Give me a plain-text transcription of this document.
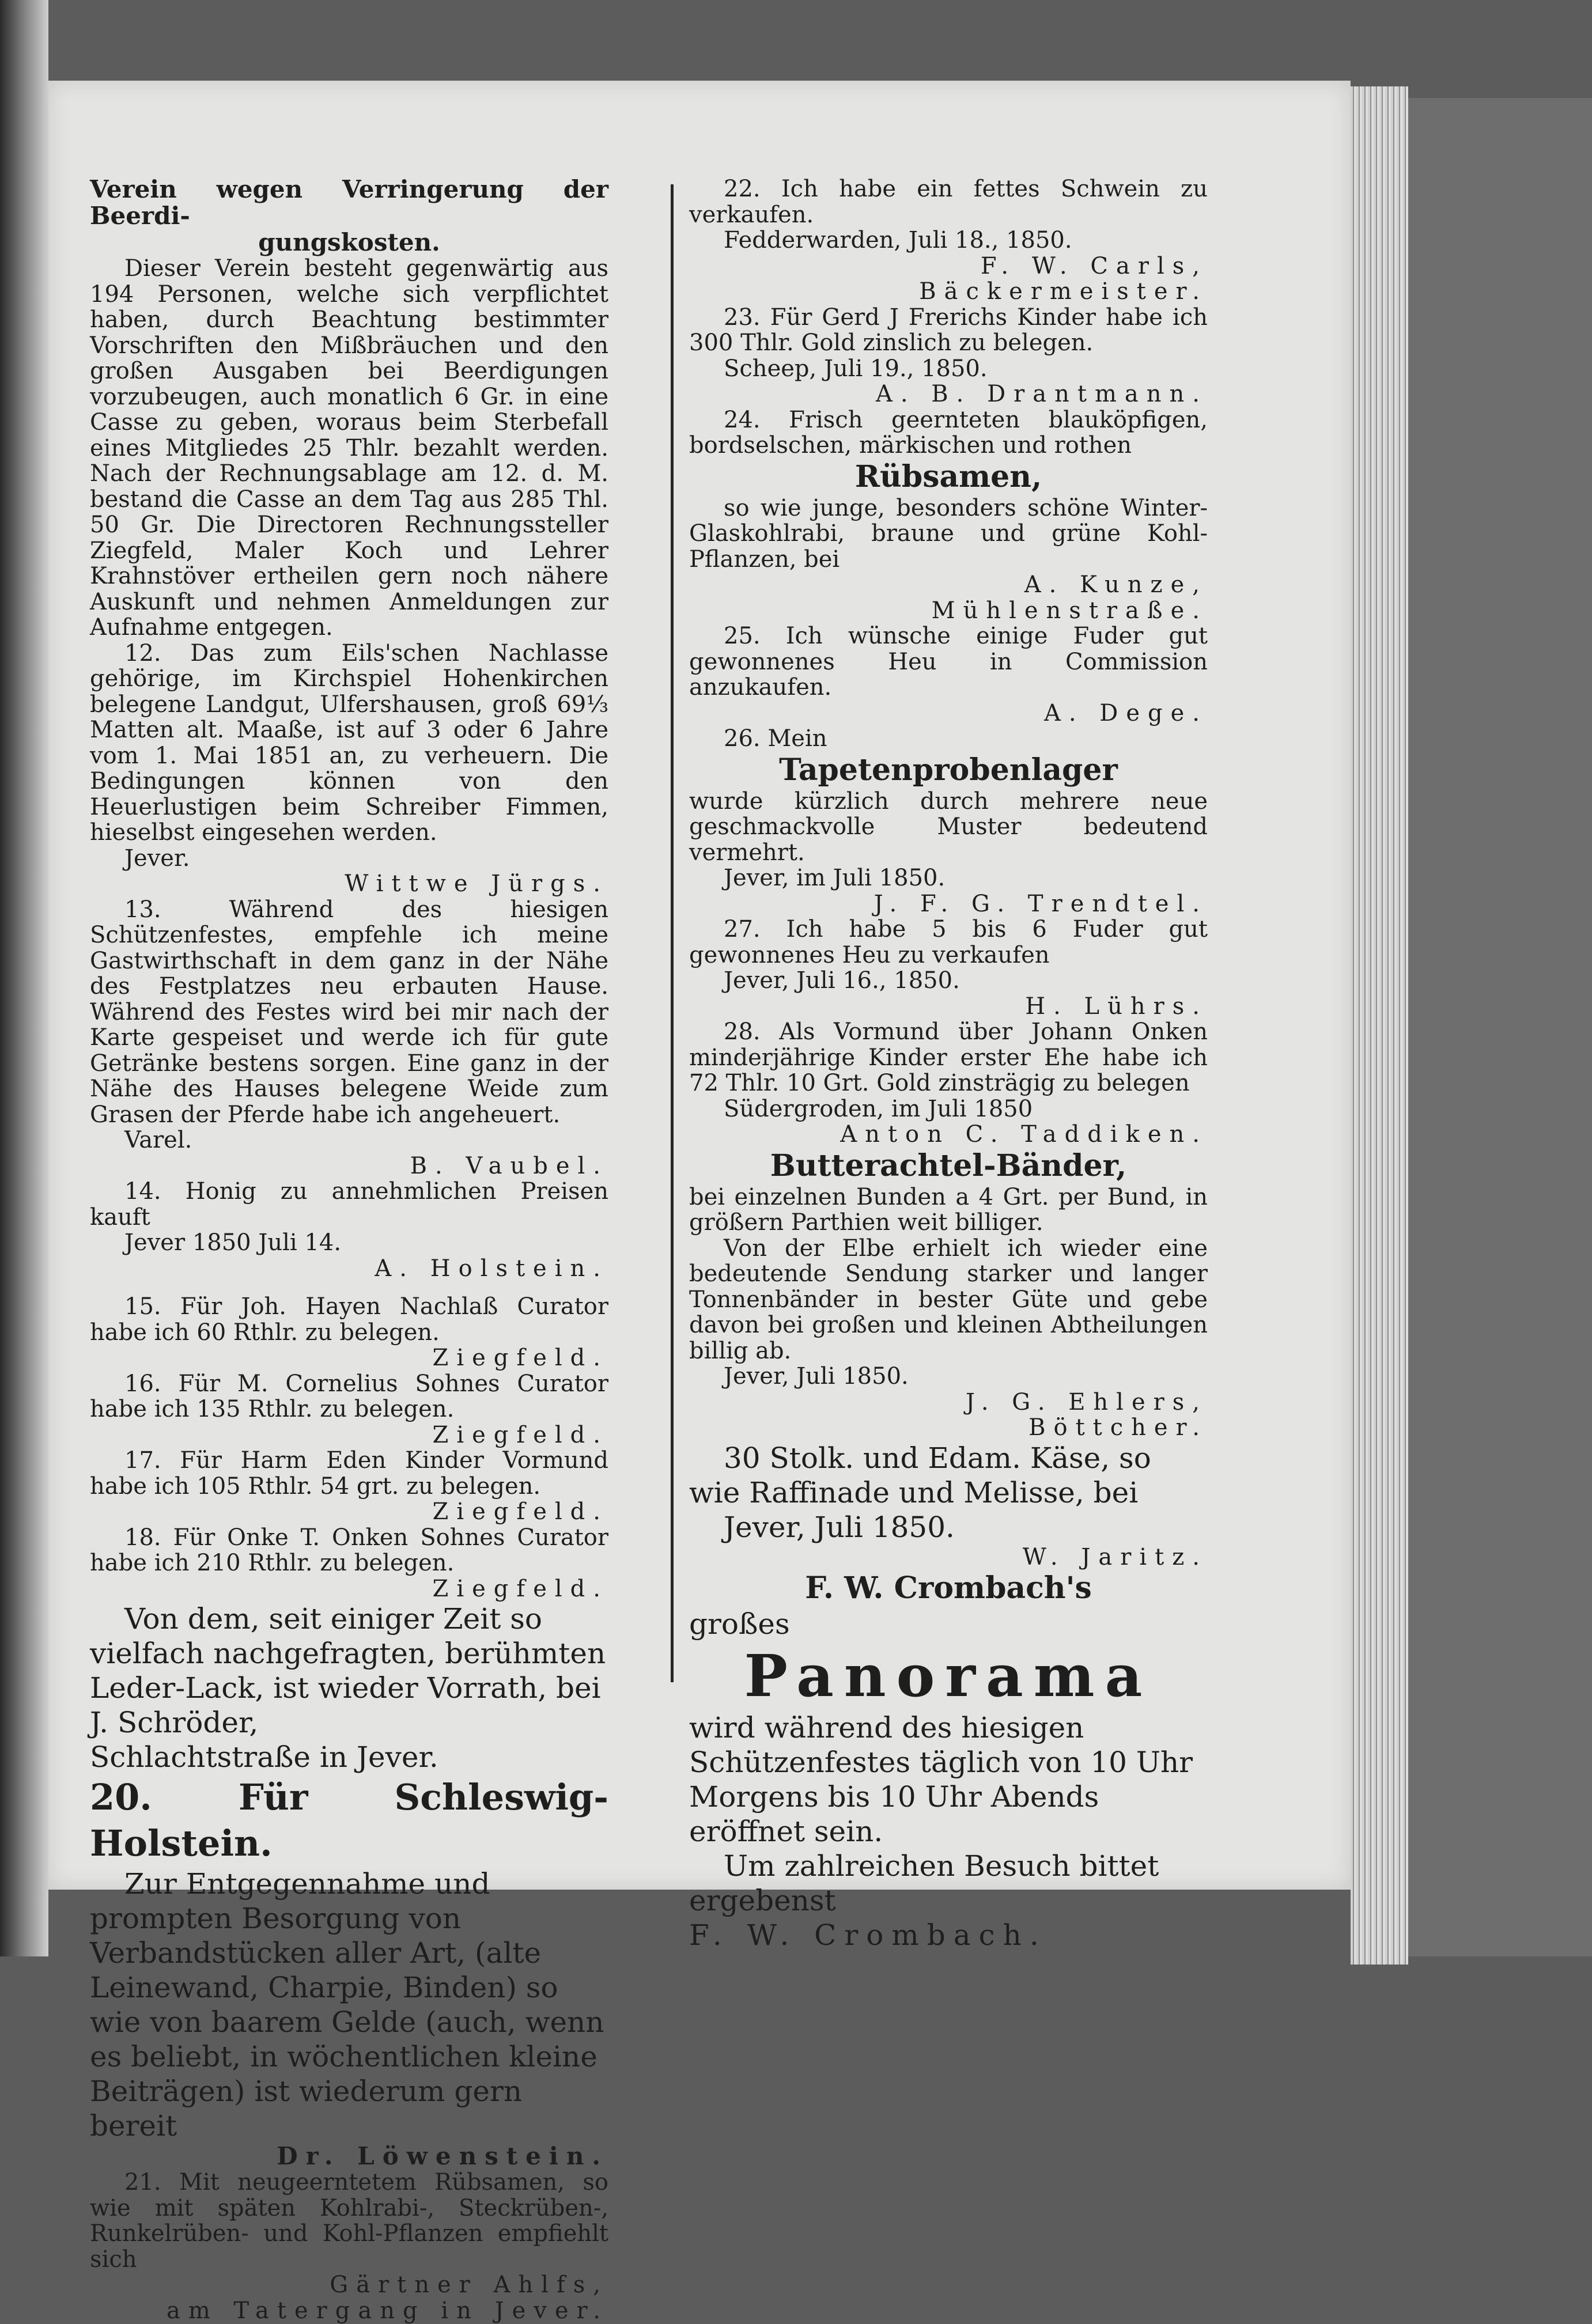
Verein wegen Verringerung der Beerdi-
gungskosten.
Dieser Verein besteht gegenwärtig aus 194 Personen, welche sich verpflichtet haben, durch Beachtung bestimmter Vorschriften den Mißbräuchen und den großen Ausgaben bei Beerdigungen vorzubeugen, auch monatlich 6 Gr. in eine Casse zu geben, woraus beim Sterbefall eines Mitgliedes 25 Thlr. bezahlt werden. Nach der Rechnungsablage am 12. d. M. bestand die Casse an dem Tag aus 285 Thl. 50 Gr. Die Directoren Rechnungssteller Ziegfeld, Maler Koch und Lehrer Krahnstöver ertheilen gern noch nähere Auskunft und nehmen Anmeldungen zur Aufnahme entgegen.
12. Das zum Eils'schen Nachlasse gehörige, im Kirchspiel Hohenkirchen belegene Landgut, Ulfershausen, groß 69⅓ Matten alt. Maaße, ist auf 3 oder 6 Jahre vom 1. Mai 1851 an, zu verheuern. Die Bedingungen können von den Heuerlustigen beim Schreiber Fimmen, hieselbst eingesehen werden.
Jever.
Wittwe Jürgs.
13. Während des hiesigen Schützenfestes, empfehle ich meine Gastwirthschaft in dem ganz in der Nähe des Festplatzes neu erbauten Hause. Während des Festes wird bei mir nach der Karte gespeiset und werde ich für gute Getränke bestens sorgen. Eine ganz in der Nähe des Hauses belegene Weide zum Grasen der Pferde habe ich angeheuert.
Varel.
B. Vaubel.
14. Honig zu annehmlichen Preisen kauft
Jever 1850 Juli 14.
A. Holstein.
15. Für Joh. Hayen Nachlaß Curator habe ich 60 Rthlr. zu belegen.
Ziegfeld.
16. Für M. Cornelius Sohnes Curator habe ich 135 Rthlr. zu belegen.
Ziegfeld.
17. Für Harm Eden Kinder Vormund habe ich 105 Rthlr. 54 grt. zu belegen.
Ziegfeld.
18. Für Onke T. Onken Sohnes Curator habe ich 210 Rthlr. zu belegen.
Ziegfeld.
Von dem, seit einiger Zeit so vielfach nachgefragten, berühmten Leder-Lack, ist wieder Vorrath, bei J. Schröder,
Schlachtstraße in Jever.
20. Für Schleswig-Holstein.
Zur Entgegennahme und prompten Besorgung von Verbandstücken aller Art, (alte Leinewand, Charpie, Binden) so wie von baarem Gelde (auch, wenn es beliebt, in wöchentlichen kleine Beiträgen) ist wiederum gern bereit
Dr. Löwenstein.
21. Mit neugeerntetem Rübsamen, so wie mit späten Kohlrabi-, Steckrüben-, Runkelrüben- und Kohl-Pflanzen empfiehlt sich
Gärtner Ahlfs,
am Tatergang in Jever.
22. Ich habe ein fettes Schwein zu verkaufen.
Fedderwarden, Juli 18., 1850.
F. W. Carls,
Bäckermeister.
23. Für Gerd J Frerichs Kinder habe ich 300 Thlr. Gold zinslich zu belegen.
Scheep, Juli 19., 1850.
A. B. Drantmann.
24. Frisch geernteten blauköpfigen, bordselschen, märkischen und rothen
Rübsamen,
so wie junge, besonders schöne Winter-Glaskohlrabi, braune und grüne Kohl-Pflanzen, bei
A. Kunze,
Mühlenstraße.
25. Ich wünsche einige Fuder gut gewonnenes Heu in Commission anzukaufen.
A. Dege.
26. Mein
Tapetenprobenlager
wurde kürzlich durch mehrere neue geschmackvolle Muster bedeutend vermehrt.
Jever, im Juli 1850.
J. F. G. Trendtel.
27. Ich habe 5 bis 6 Fuder gut gewonnenes Heu zu verkaufen
Jever, Juli 16., 1850.
H. Lührs.
28. Als Vormund über Johann Onken minderjährige Kinder erster Ehe habe ich 72 Thlr. 10 Grt. Gold zinsträgig zu belegen
Südergroden, im Juli 1850
Anton C. Taddiken.
Butterachtel-Bänder,
bei einzelnen Bunden a 4 Grt. per Bund, in größern Parthien weit billiger.
Von der Elbe erhielt ich wieder eine bedeutende Sendung starker und langer Tonnenbänder in bester Güte und gebe davon bei großen und kleinen Abtheilungen billig ab.
Jever, Juli 1850.
J. G. Ehlers,
Böttcher.
30 Stolk. und Edam. Käse, so wie Raffinade und Melisse, bei
Jever, Juli 1850.
W. Jaritz.
F. W. Crombach's
großes
Panorama
wird während des hiesigen Schützenfestes täglich von 10 Uhr Morgens bis 10 Uhr Abends eröffnet sein.
Um zahlreichen Besuch bittet ergebenst
F. W. Crombach.
